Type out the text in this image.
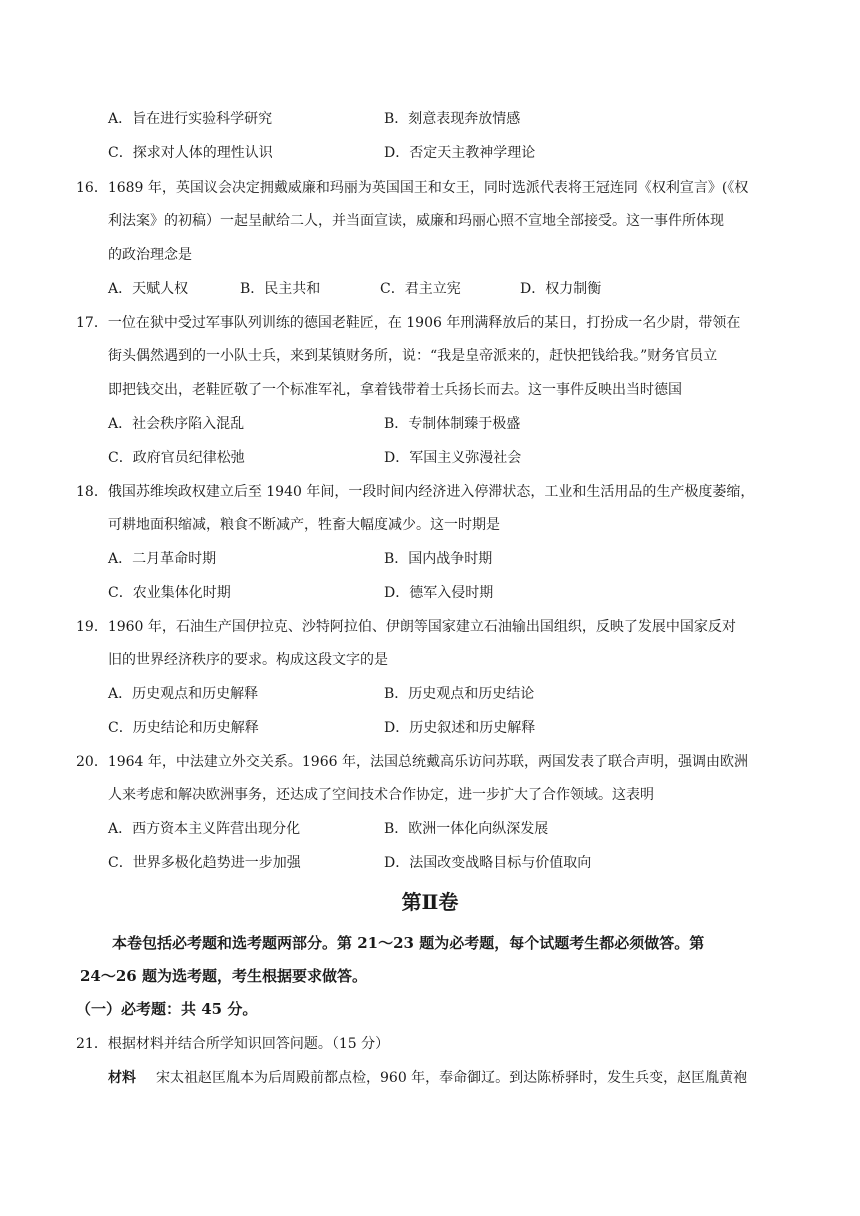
A．旨在进行实验科学研究	B．刻意表现奔放情感
C．探求对人体的理性认识	D．否定天主教神学理论
16．1689 年，英国议会决定拥戴威廉和玛丽为英国国王和女王，同时选派代表将王冠连同《权利宣言》(《权
利法案》的初稿）一起呈献给二人，并当面宣读，威廉和玛丽心照不宣地全部接受。这一事件所体现
的政治理念是
A．天赋人权	B．民主共和	C．君主立宪	D．权力制衡
17．一位在狱中受过军事队列训练的德国老鞋匠，在 1906 年刑满释放后的某日，打扮成一名少尉，带领在
街头偶然遇到的一小队士兵，来到某镇财务所，说：“我是皇帝派来的，赶快把钱给我。”财务官员立
即把钱交出，老鞋匠敬了一个标准军礼，拿着钱带着士兵扬长而去。这一事件反映出当时德国
A．社会秩序陷入混乱	B．专制体制臻于极盛
C．政府官员纪律松弛	D．军国主义弥漫社会
18．俄国苏维埃政权建立后至 1940 年间，一段时间内经济进入停滞状态，工业和生活用品的生产极度萎缩，
可耕地面积缩减，粮食不断减产，牲畜大幅度减少。这一时期是
A．二月革命时期	B．国内战争时期
C．农业集体化时期	D．德军入侵时期
19．1960 年，石油生产国伊拉克、沙特阿拉伯、伊朗等国家建立石油输出国组织，反映了发展中国家反对
旧的世界经济秩序的要求。构成这段文字的是
A．历史观点和历史解释	B．历史观点和历史结论
C．历史结论和历史解释	D．历史叙述和历史解释
20．1964 年，中法建立外交关系。1966 年，法国总统戴高乐访问苏联，两国发表了联合声明，强调由欧洲
人来考虑和解决欧洲事务，还达成了空间技术合作协定，进一步扩大了合作领域。这表明
A．西方资本主义阵营出现分化	B．欧洲一体化向纵深发展
C．世界多极化趋势进一步加强	D．法国改变战略目标与价值取向
第Ⅱ卷
本卷包括必考题和选考题两部分。第 21～23 题为必考题，每个试题考生都必须做答。第
24～26 题为选考题，考生根据要求做答。
（一）必考题：共 45 分。
21．根据材料并结合所学知识回答问题。（15 分）
材料 宋太祖赵匡胤本为后周殿前都点检，960 年，奉命御辽。到达陈桥驿时，发生兵变，赵匡胤黄袍
